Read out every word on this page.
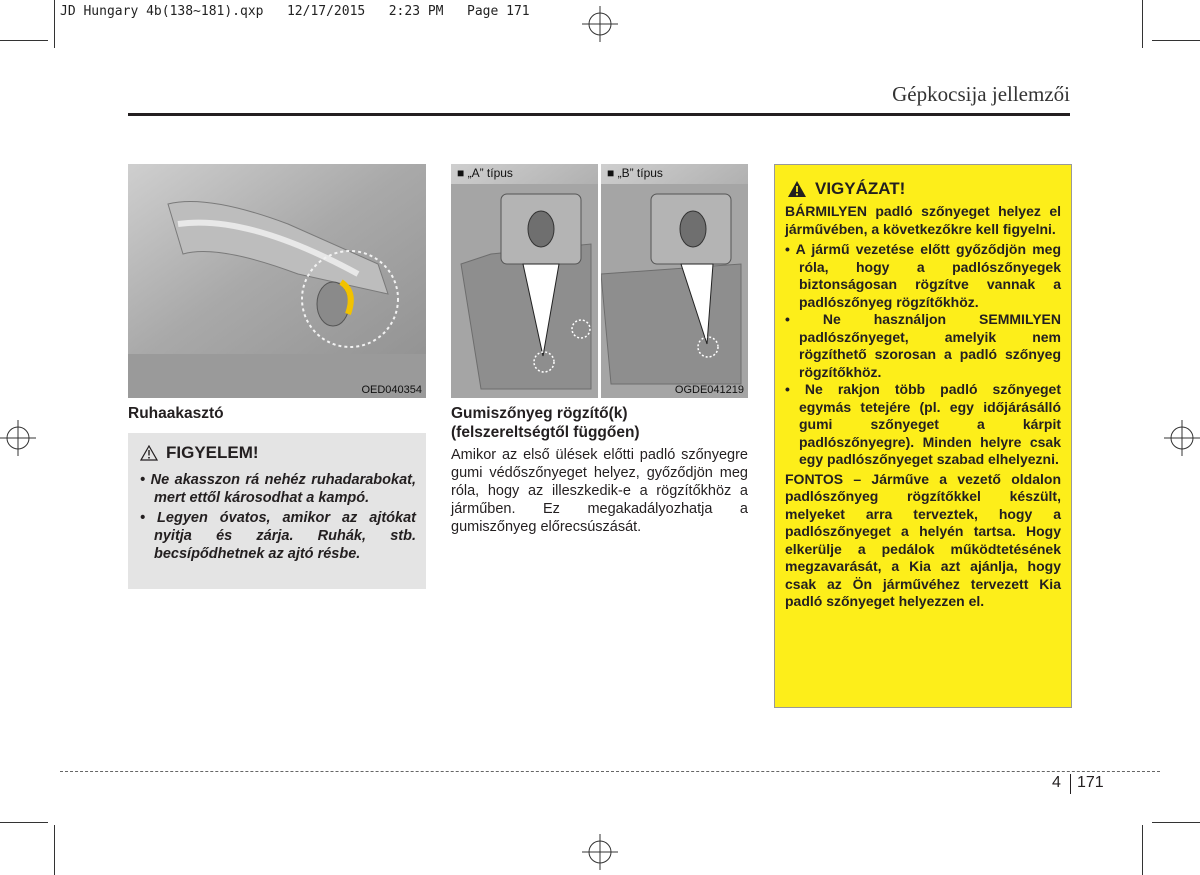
JD Hungary 4b(138~181).qxp   12/17/2015   2:23 PM   Page 171
Gépkocsija jellemzői
OED040354
Ruhaakasztó
FIGYELEM!
• Ne akasszon rá nehéz ruhadarabokat, mert ettől károsodhat a kampó.
• Legyen óvatos, amikor az ajtókat nyitja és zárja. Ruhák, stb. becsípődhetnek az ajtó résbe.
■ „A” típus	■ „B” típus
OGDE041219
Gumiszőnyeg rögzítő(k)
(felszereltségtől függően)
Amikor az első ülések előtti padló szőnyegre gumi védőszőnyeget helyez, győződjön meg róla, hogy az illeszkedik-e a rögzítőkhöz a járműben. Ez megakadályozhatja a gumiszőnyeg előrecsúszását.
VIGYÁZAT!

BÁRMILYEN padló szőnyeget helyez el járművében, a következőkre kell figyelni.

• A jármű vezetése előtt győződjön meg róla, hogy a padlószőnyegek biztonságosan rögzítve vannak a padlószőnyeg rögzítőkhöz.
• Ne használjon SEMMILYEN padlószőnyeget, amelyik nem rögzíthető szorosan a padló szőnyeg rögzítőkhöz.
• Ne rakjon több padló szőnyeget egymás tetejére (pl. egy időjárásálló gumi szőnyeget a kárpit padlószőnyegre). Minden helyre csak egy padlószőnyeget szabad elhelyezni.

FONTOS – Járműve a vezető oldalon padlószőnyeg rögzítőkkel készült, melyeket arra terveztek, hogy a padlószőnyeget a helyén tartsa. Hogy elkerülje a pedálok működtetésének megzavarását, a Kia azt ajánlja, hogy csak az Ön járművéhez tervezett Kia padló szőnyeget helyezzen el.

4 171
